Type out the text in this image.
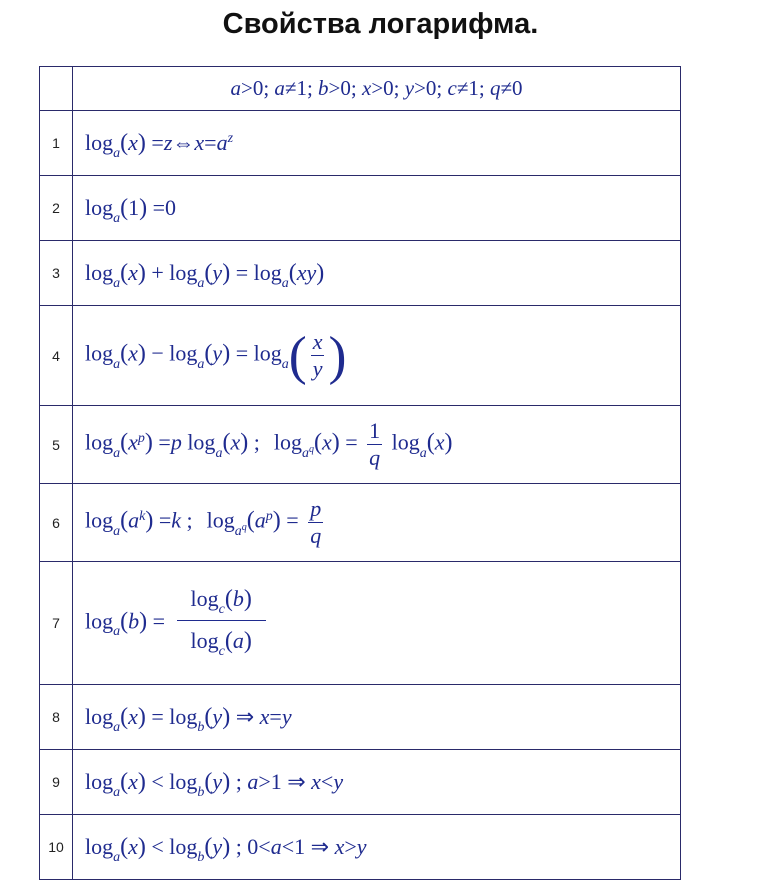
Свойства логарифма.
	a>0; a≠1; b>0; x>0; y>0; c≠1; q≠0
1	$\log_a(x)$ $=z\Leftrightarrow x=a^z$
2	$\log_a(1) =0$
3	$\log_a(x) + \log_a(y) = \log_a(xy)$
4	$\log_a(x) - \log_a(y) = \log_a( \frac{x}{y}$ )
5	$\log_a(x^p) =p$ $\log_a(x)$ ; $\log_{a^q}(x) = \frac{1}{q} \log_a(x)$
6	$\log_a(a^k) =k$ ; $\log_{a^q}(a^p) = \frac{p}{q}$

7	$\log_a(b) = \frac{\log_c(b)}{\log_c(a)}$

8	$\log_a(x) = \log_b(y)$ ⇒ x=y
9	$\log_a(x) < \log_b(y)$ ; a>1 ⇒ x<y
10	$\log_a(x) < \log_b(y)$ ; 0<a<1 ⇒ x>y
